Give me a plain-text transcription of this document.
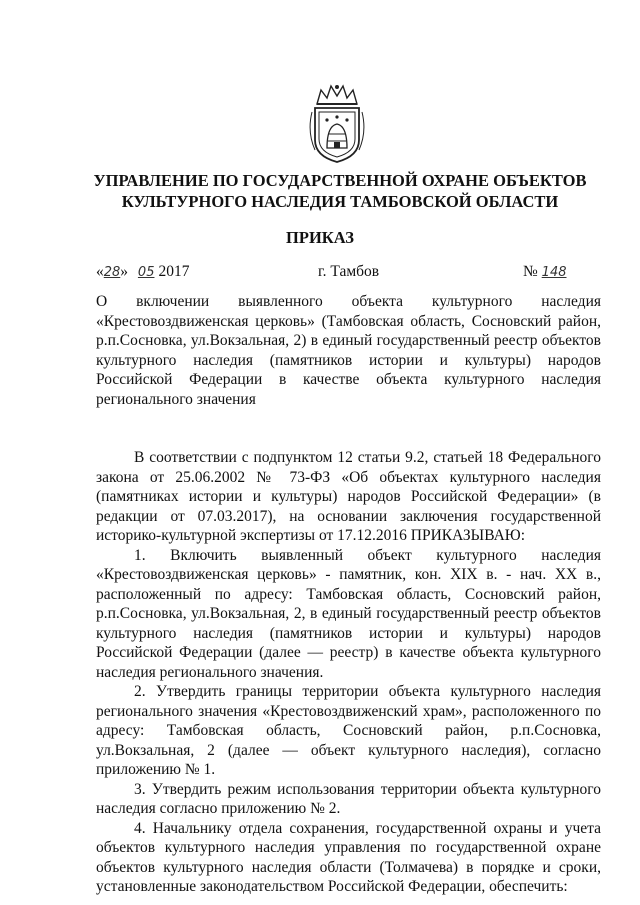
УПРАВЛЕНИЕ ПО ГОСУДАРСТВЕННОЙ ОХРАНЕ ОБЪЕКТОВ
КУЛЬТУРНОГО НАСЛЕДИЯ ТАМБОВСКОЙ ОБЛАСТИ
ПРИКАЗ
«28» 05 2017	г. Тамбов	№ 148
О включении выявленного объекта культурного наследия «Крестовоздвиженская церковь» (Тамбовская область, Сосновский район, р.п.Сосновка, ул.Вокзальная, 2) в единый государственный реестр объектов культурного наследия (памятников истории и культуры) народов Российской Федерации в качестве объекта культурного наследия регионального значения

В соответствии с подпунктом 12 статьи 9.2, статьей 18 Федерального закона от 25.06.2002 № 73-ФЗ «Об объектах культурного наследия (памятниках истории и культуры) народов Российской Федерации» (в редакции от 07.03.2017), на основании заключения государственной историко-культурной экспертизы от 17.12.2016 ПРИКАЗЫВАЮ:

1. Включить выявленный объект культурного наследия «Крестовоздвиженская церковь» - памятник, кон. XIX в. - нач. XX в., расположенный по адресу: Тамбовская область, Сосновский район, р.п.Сосновка, ул.Вокзальная, 2, в единый государственный реестр объектов культурного наследия (памятников истории и культуры) народов Российской Федерации (далее — реестр) в качестве объекта культурного наследия регионального значения.

2. Утвердить границы территории объекта культурного наследия регионального значения «Крестовоздвиженский храм», расположенного по адресу: Тамбовская область, Сосновский район, р.п.Сосновка, ул.Вокзальная, 2 (далее — объект культурного наследия), согласно приложению № 1.

3. Утвердить режим использования территории объекта культурного наследия согласно приложению № 2.

4. Начальнику отдела сохранения, государственной охраны и учета объектов культурного наследия управления по государственной охране объектов культурного наследия области (Толмачева) в порядке и сроки, установленные законодательством Российской Федерации, обеспечить:
